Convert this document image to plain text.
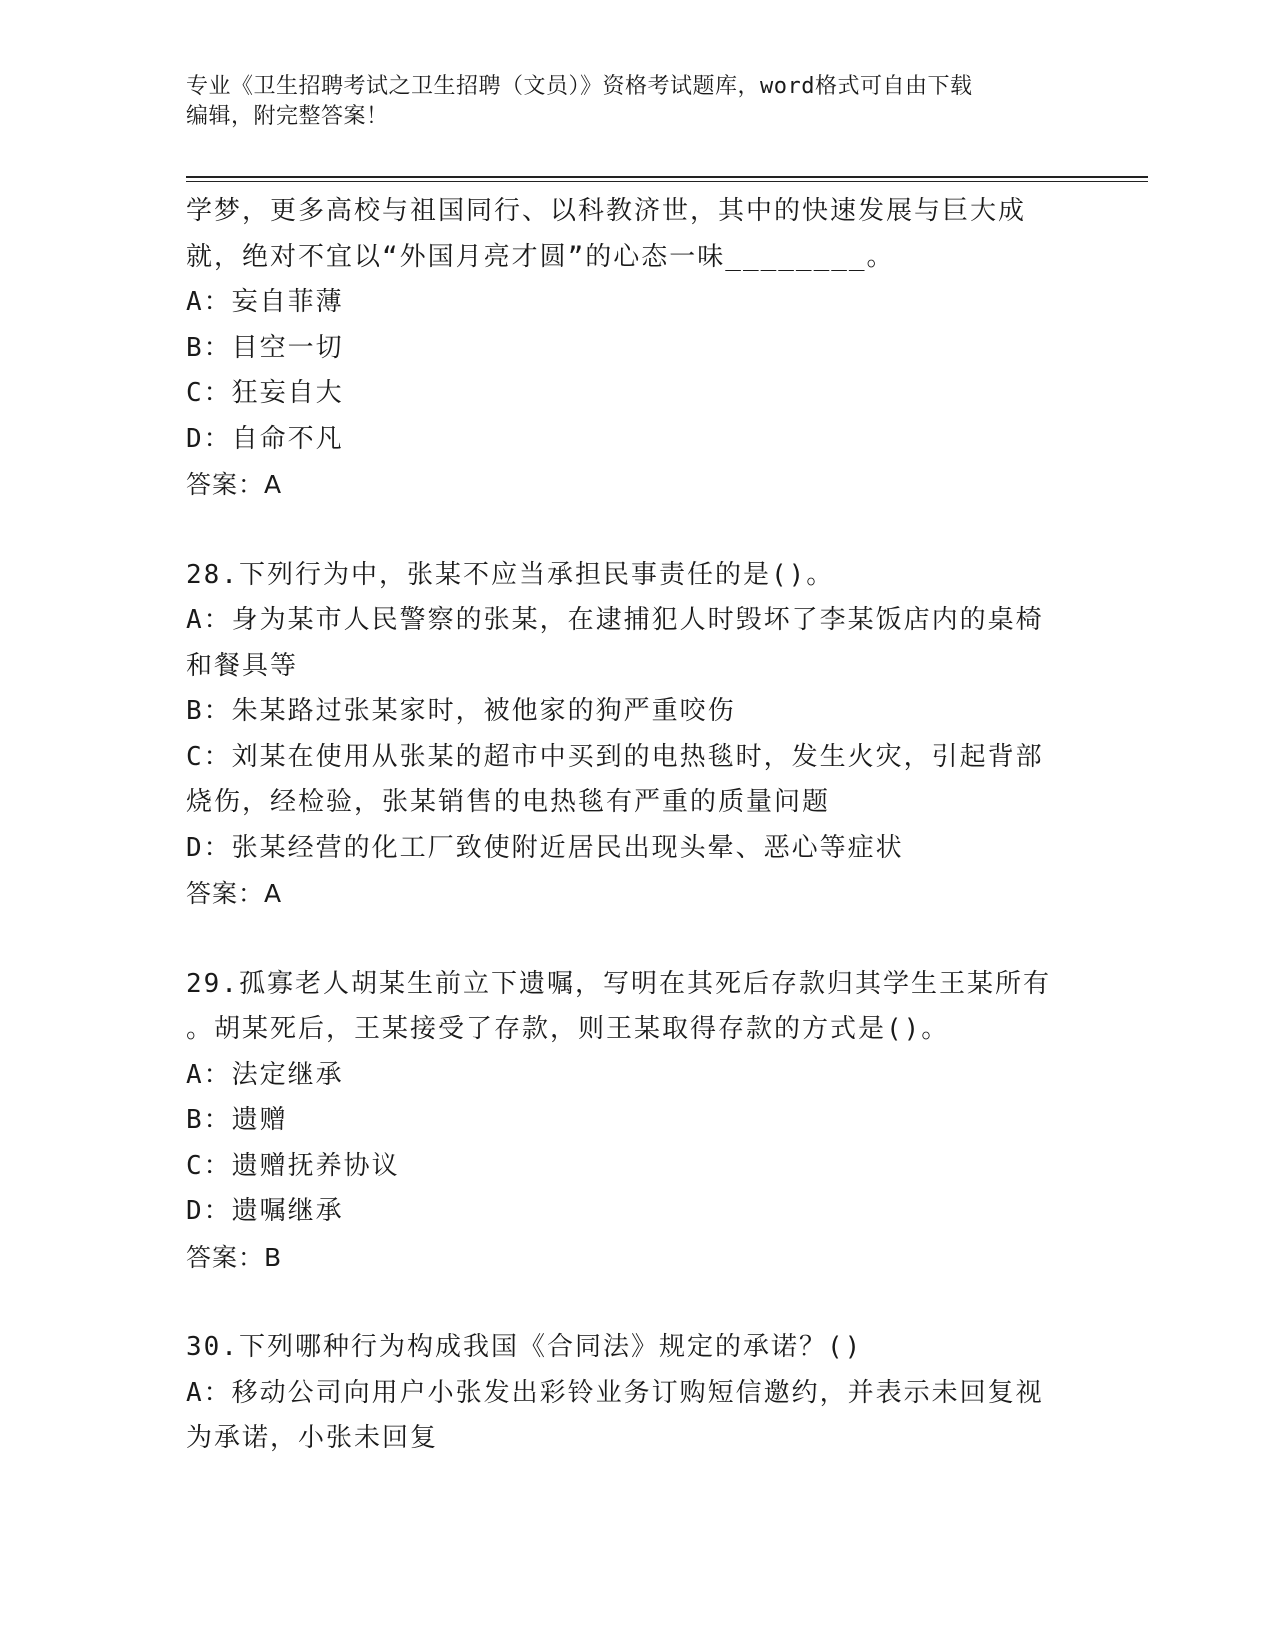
专业《卫生招聘考试之卫生招聘（文员）》资格考试题库，word格式可自由下载
编辑，附完整答案！
学梦，更多高校与祖国同行、以科教济世，其中的快速发展与巨大成
就，绝对不宜以“外国月亮才圆”的心态一味________。
A：妄自菲薄
B：目空一切
C：狂妄自大
D：自命不凡
答案：A
28.下列行为中，张某不应当承担民事责任的是()。
A：身为某市人民警察的张某，在逮捕犯人时毁坏了李某饭店内的桌椅
和餐具等
B：朱某路过张某家时，被他家的狗严重咬伤
C：刘某在使用从张某的超市中买到的电热毯时，发生火灾，引起背部
烧伤，经检验，张某销售的电热毯有严重的质量问题
D：张某经营的化工厂致使附近居民出现头晕、恶心等症状
答案：A
29.孤寡老人胡某生前立下遗嘱，写明在其死后存款归其学生王某所有
。胡某死后，王某接受了存款，则王某取得存款的方式是()。
A：法定继承
B：遗赠
C：遗赠抚养协议
D：遗嘱继承
答案：B
30.下列哪种行为构成我国《合同法》规定的承诺？()
A：移动公司向用户小张发出彩铃业务订购短信邀约，并表示未回复视
为承诺，小张未回复
